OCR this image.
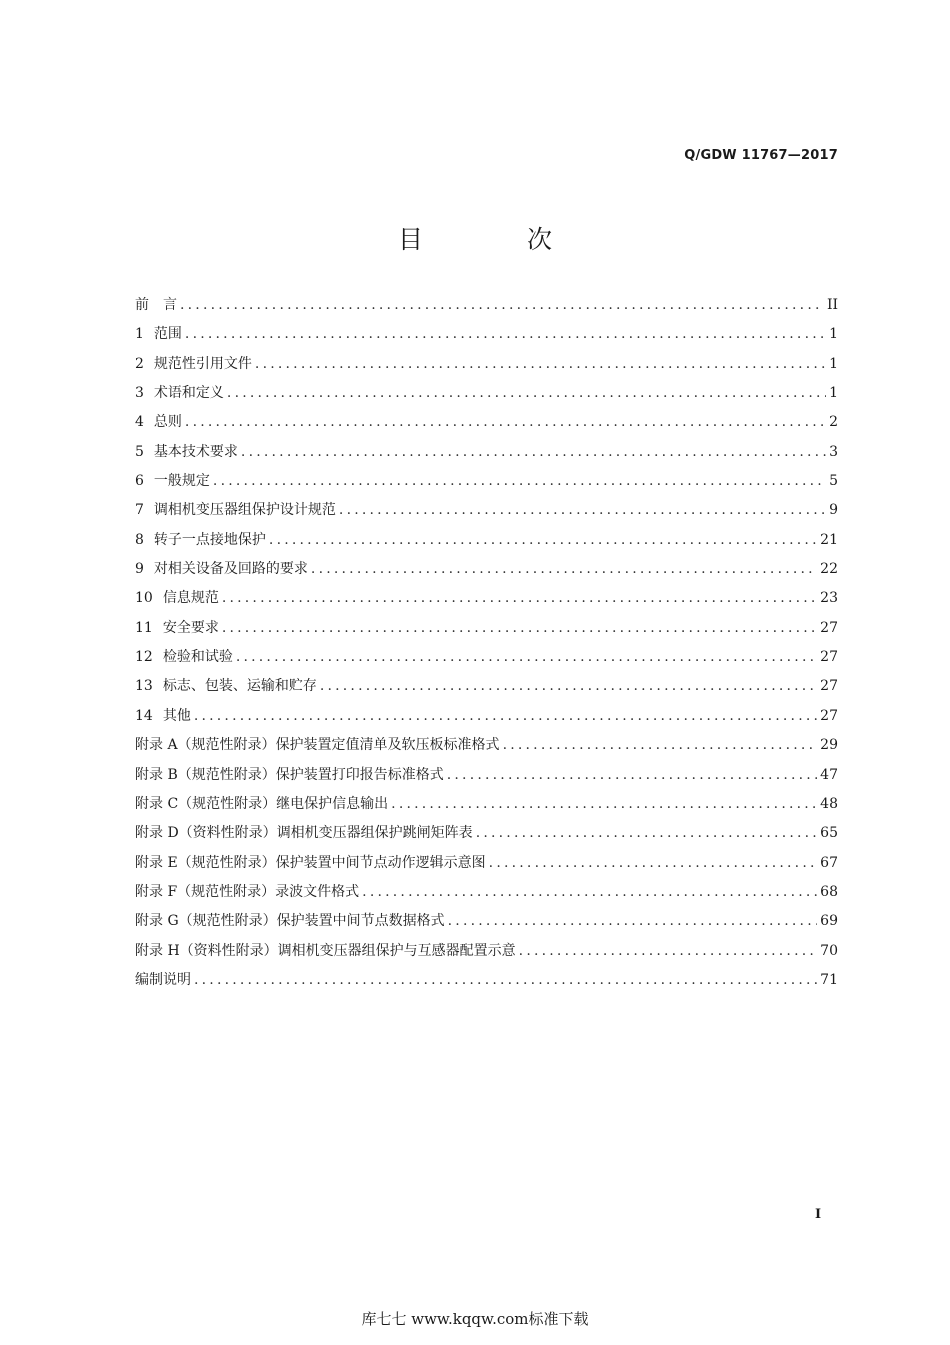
Q/GDW 11767—2017
目 次
前　言 .....	II
1 范围 .....	1
2 规范性引用文件 .....	1
3 术语和定义 .....	1
4 总则 .....	2
5 基本技术要求 .....	3
6 一般规定 .....	5
7 调相机变压器组保护设计规范 .....	9
8 转子一点接地保护 .....	21
9 对相关设备及回路的要求 .....	22
10 信息规范 .....	23
11 安全要求 .....	27
12 检验和试验 .....	27
13 标志、包装、运输和贮存 .....	27
14 其他 .....	27
附录 A（规范性附录） 保护装置定值清单及软压板标准格式 .....	29
附录 B（规范性附录） 保护装置打印报告标准格式 .....	47
附录 C（规范性附录） 继电保护信息输出 .....	48
附录 D（资料性附录） 调相机变压器组保护跳闸矩阵表 .....	65
附录 E（规范性附录） 保护装置中间节点动作逻辑示意图 .....	67
附录 F（规范性附录） 录波文件格式 .....	68
附录 G（规范性附录） 保护装置中间节点数据格式 .....	69
附录 H（资料性附录） 调相机变压器组保护与互感器配置示意 .....	70
编制说明 .....	71
I
库七七 www.kqqw.com标准下载
